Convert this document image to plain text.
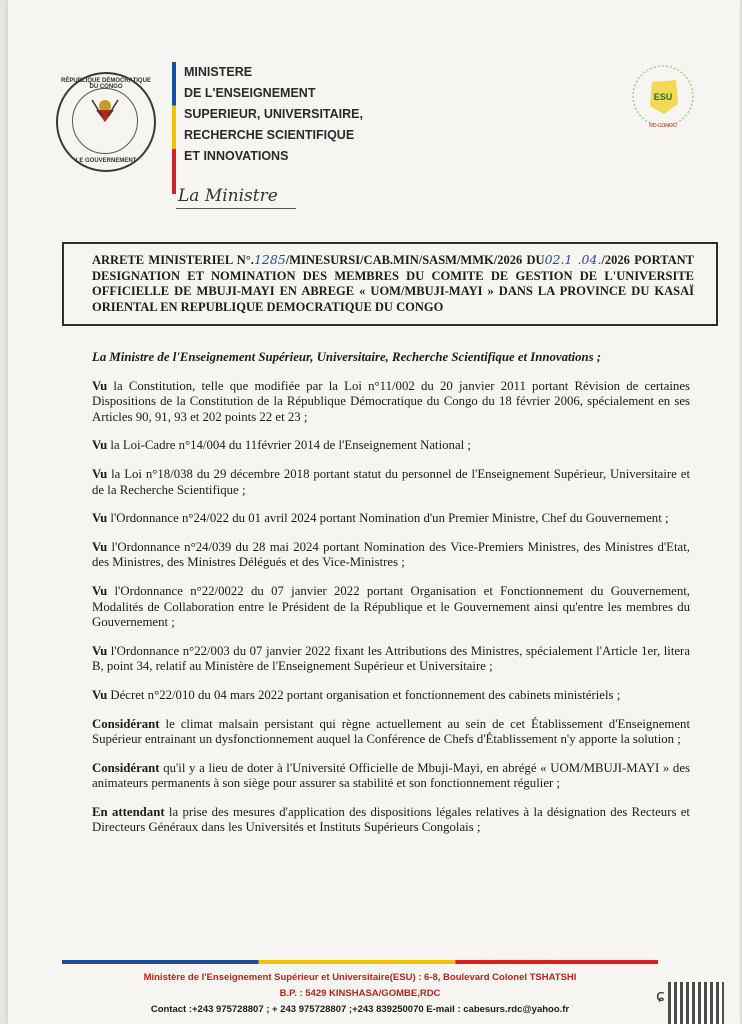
RÉPUBLIQUE DÉMOCRATIQUE DU CONGO
LE GOUVERNEMENT
MINISTERE
DE L'ENSEIGNEMENT
SUPERIEUR, UNIVERSITAIRE,
RECHERCHE SCIENTIFIQUE
ET INNOVATIONS
La Ministre
ESU
RD CONGO
ARRETE MINISTERIEL N°.1285/MINESURSI/CAB.MIN/SASM/MMK/2026 DU02.1 .04./2026 PORTANT DESIGNATION ET NOMINATION DES MEMBRES DU COMITE DE GESTION DE L'UNIVERSITE OFFICIELLE DE MBUJI-MAYI EN ABREGE « UOM/MBUJI-MAYI » DANS LA PROVINCE DU KASAÏ ORIENTAL EN REPUBLIQUE DEMOCRATIQUE DU CONGO
La Ministre de l'Enseignement Supérieur, Universitaire, Recherche Scientifique et Innovations ;
Vu la Constitution, telle que modifiée par la Loi n°11/002 du 20 janvier 2011 portant Révision de certaines Dispositions de la Constitution de la République Démocratique du Congo du 18 février 2006, spécialement en ses Articles 90, 91, 93 et 202 points 22 et 23 ;
Vu la Loi-Cadre n°14/004 du 11février 2014 de l'Enseignement National ;
Vu la Loi n°18/038 du 29 décembre 2018 portant statut du personnel de l'Enseignement Supérieur, Universitaire et de la Recherche Scientifique ;
Vu l'Ordonnance n°24/022 du 01 avril 2024 portant Nomination d'un Premier Ministre, Chef du Gouvernement ;
Vu l'Ordonnance n°24/039 du 28 mai 2024 portant Nomination des Vice-Premiers Ministres, des Ministres d'Etat, des Ministres, des Ministres Délégués et des Vice-Ministres ;
Vu l'Ordonnance n°22/0022 du 07 janvier 2022 portant Organisation et Fonctionnement du Gouvernement, Modalités de Collaboration entre le Président de la République et le Gouvernement ainsi qu'entre les membres du Gouvernement ;
Vu l'Ordonnance n°22/003 du 07 janvier 2022 fixant les Attributions des Ministres, spécialement l'Article 1er, litera B, point 34, relatif au Ministère de l'Enseignement Supérieur et Universitaire ;
Vu Décret n°22/010 du 04 mars 2022 portant organisation et fonctionnement des cabinets ministériels ;
Considérant le climat malsain persistant qui règne actuellement au sein de cet Établissement d'Enseignement Supérieur entrainant un dysfonctionnement auquel la Conférence de Chefs d'Établissement n'y apporte la solution ;
Considérant qu'il y a lieu de doter à l'Université Officielle de Mbuji-Mayi, en abrégé « UOM/MBUJI-MAYI » des animateurs permanents à son siège pour assurer sa stabilité et son fonctionnement régulier ;
En attendant la prise des mesures d'application des dispositions légales relatives à la désignation des Recteurs et Directeurs Généraux dans les Universités et Instituts Supérieurs Congolais ;
Ministère de l'Enseignement Supérieur et Universitaire(ESU) : 6-8, Boulevard Colonel TSHATSHI
B.P. : 5429 KINSHASA/GOMBE,RDC
Contact :+243 975728807 ; + 243 975728807 ;+243 839250070 E-mail : cabesurs.rdc@yahoo.fr
ɕ
